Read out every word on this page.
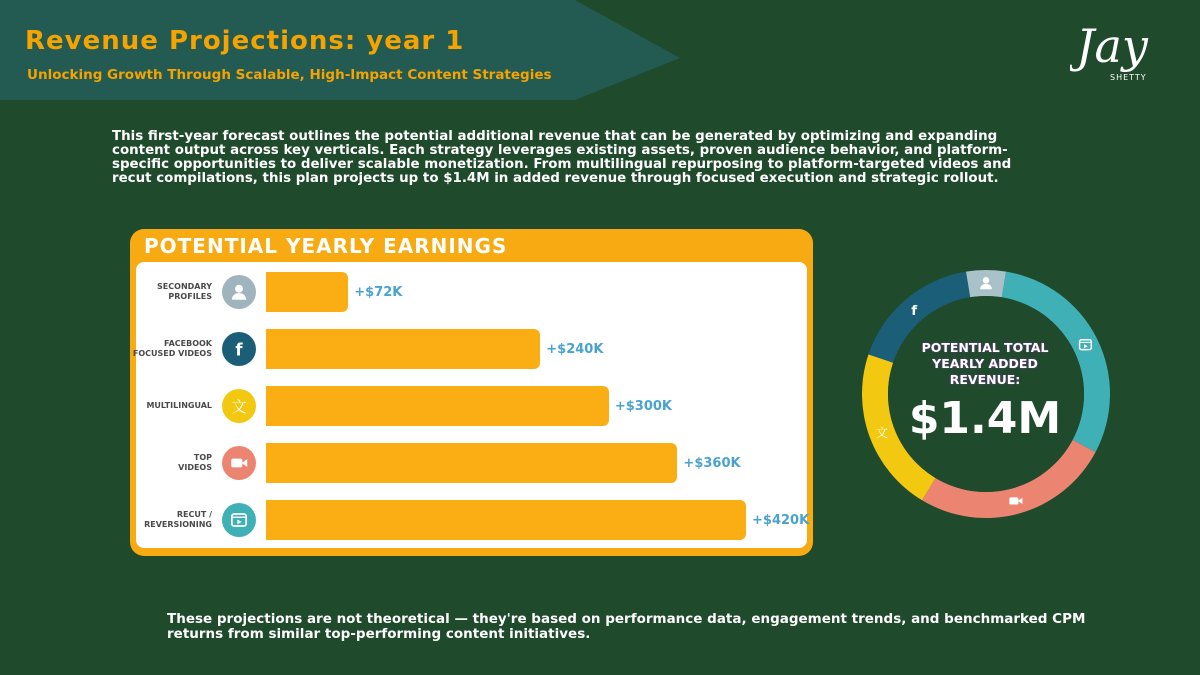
Revenue Projections: year 1
Unlocking Growth Through Scalable, High-Impact Content Strategies
Jay
SHETTY
This first-year forecast outlines the potential additional revenue that can be generated by optimizing and expanding content output across key verticals. Each strategy leverages existing assets, proven audience behavior, and platform-specific opportunities to deliver scalable monetization. From multilingual repurposing to platform-targeted videos and recut compilations, this plan projects up to $1.4M in added revenue through focused execution and strategic rollout.
POTENTIAL YEARLY EARNINGS
SECONDARY
PROFILES	+$72K
FACEBOOK
FOCUSED VIDEOS f	+$240K
MULTILINGUAL 文	+$300K
TOP
VIDEOS	+$360K
RECUT /
REVERSIONING	+$420K
文
f
POTENTIAL TOTAL
YEARLY ADDED
REVENUE:
$1.4M
These projections are not theoretical — they're based on performance data, engagement trends, and benchmarked CPM returns from similar top-performing content initiatives.
